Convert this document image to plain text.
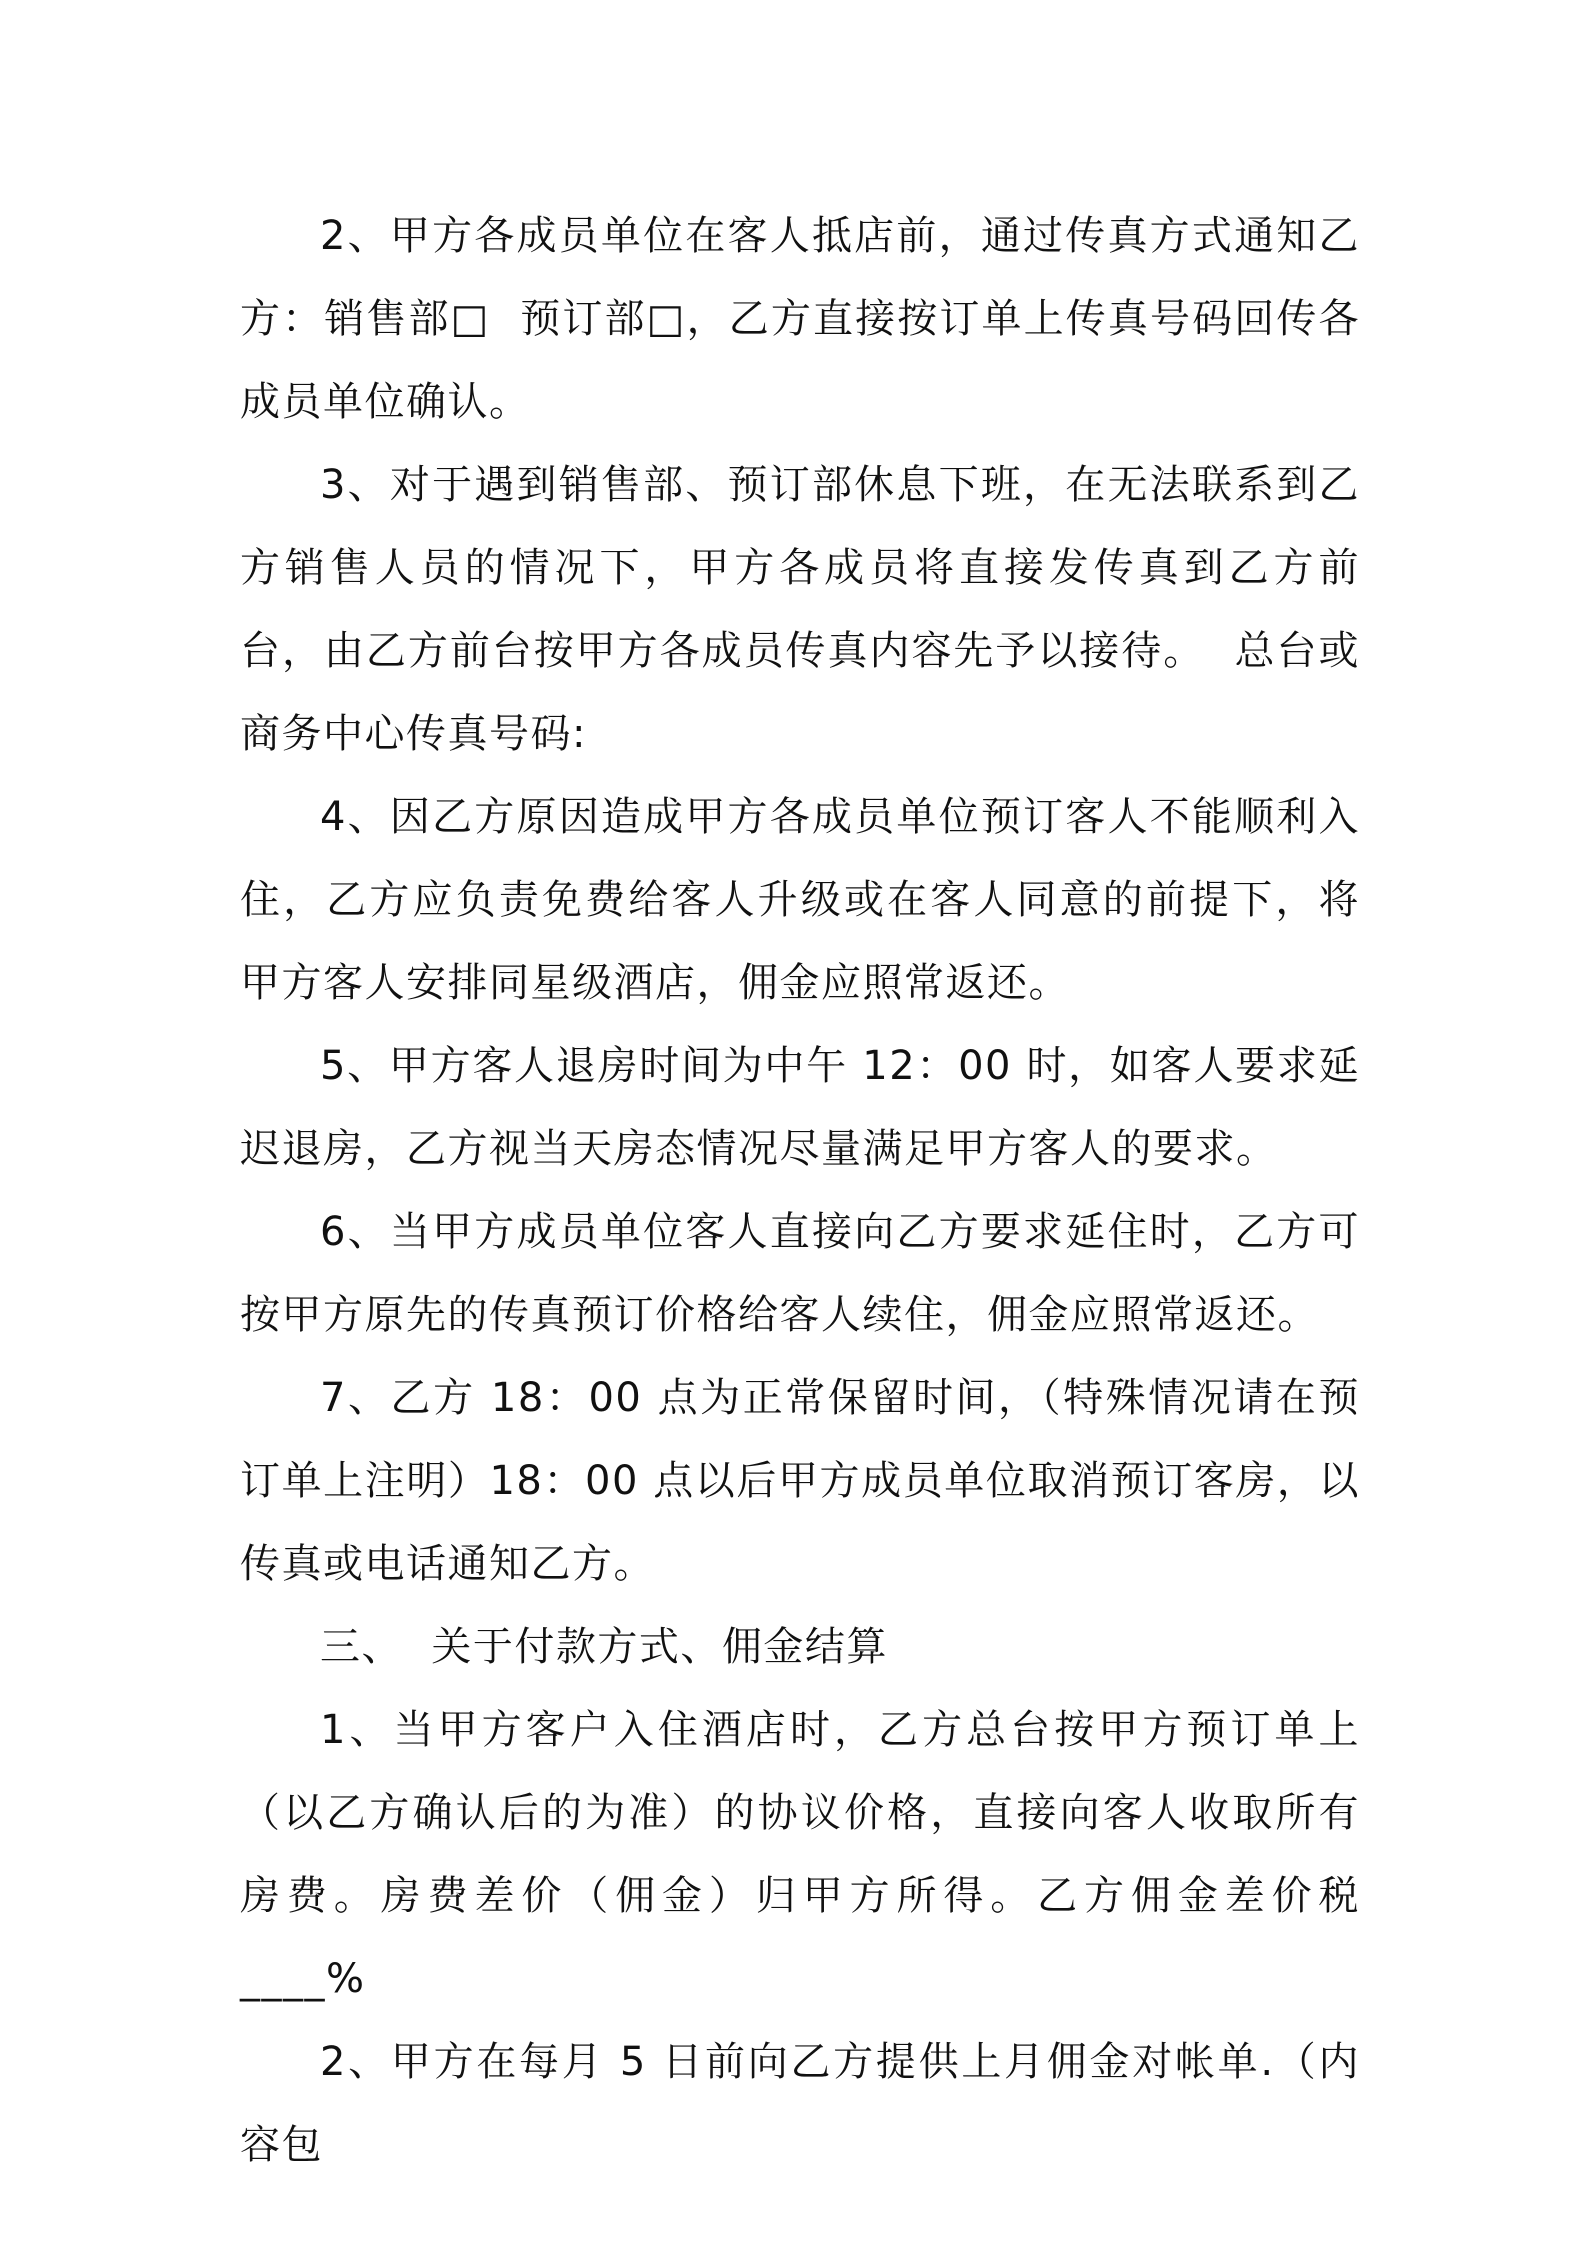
2、甲方各成员单位在客人抵店前，通过传真方式通知乙方：销售部□  预订部□，乙方直接按订单上传真号码回传各成员单位确认。

3、对于遇到销售部、预订部休息下班，在无法联系到乙方销售人员的情况下，甲方各成员将直接发传真到乙方前台，由乙方前台按甲方各成员传真内容先予以接待。  总台或商务中心传真号码:

4、因乙方原因造成甲方各成员单位预订客人不能顺利入住，乙方应负责免费给客人升级或在客人同意的前提下，将甲方客人安排同星级酒店，佣金应照常返还。

5、甲方客人退房时间为中午 12：00 时，如客人要求延迟退房，乙方视当天房态情况尽量满足甲方客人的要求。

6、当甲方成员单位客人直接向乙方要求延住时，乙方可按甲方原先的传真预订价格给客人续住，佣金应照常返还。

7、乙方 18：00 点为正常保留时间，（特殊情况请在预订单上注明）18：00 点以后甲方成员单位取消预订客房，以传真或电话通知乙方。

三、  关于付款方式、佣金结算

1、当甲方客户入住酒店时，乙方总台按甲方预订单上（以乙方确认后的为准）的协议价格，直接向客人收取所有房费。房费差价（佣金）归甲方所得。乙方佣金差价税____%

2、甲方在每月 5 日前向乙方提供上月佣金对帐单.（内容包
